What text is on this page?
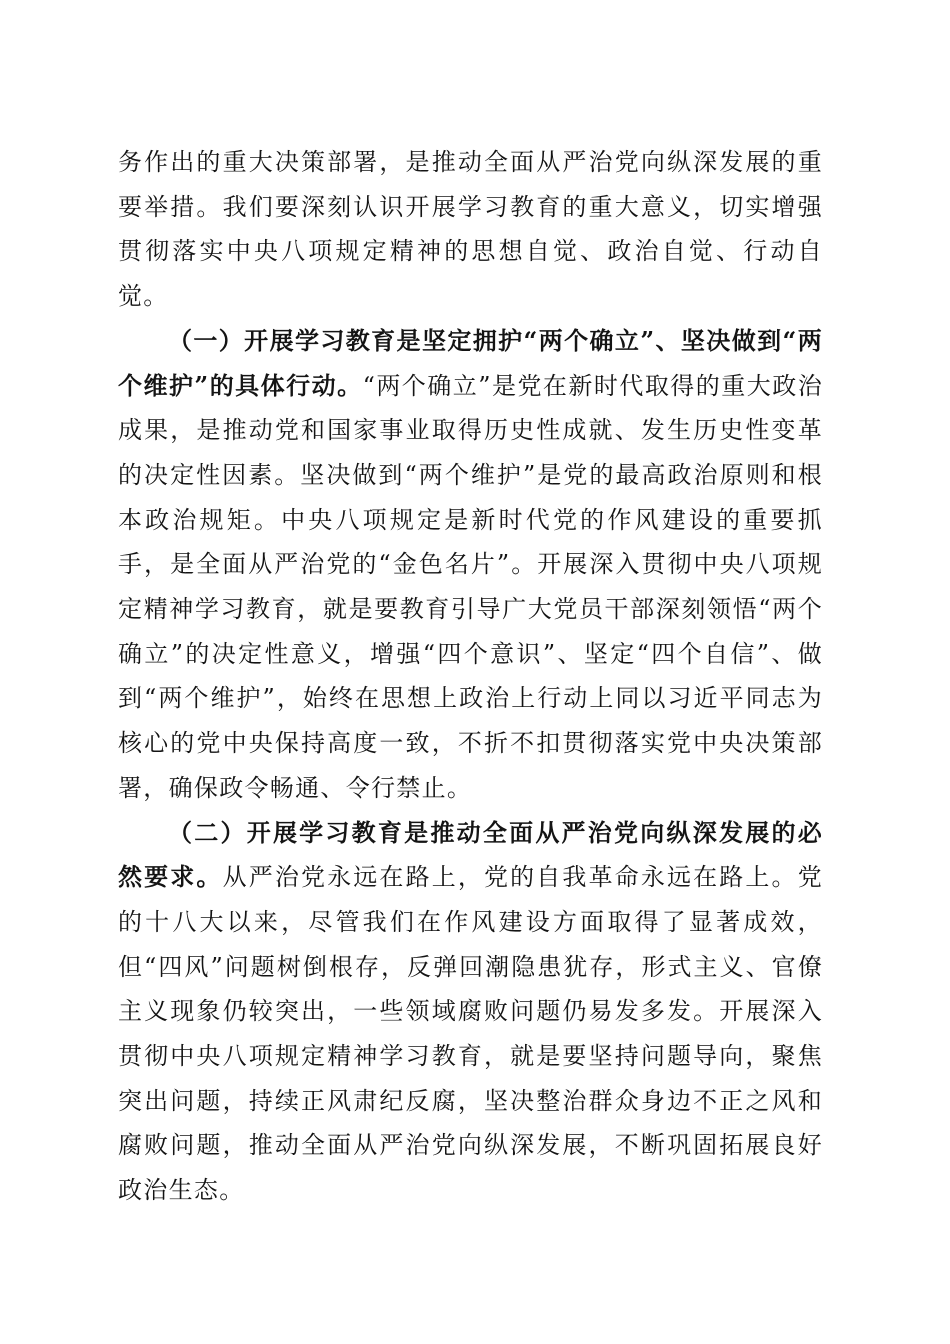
务作出的重大决策部署，是推动全面从严治党向纵深发展的重要举措。我们要深刻认识开展学习教育的重大意义，切实增强贯彻落实中央八项规定精神的思想自觉、政治自觉、行动自觉。

（一）开展学习教育是坚定拥护“两个确立”、坚决做到“两个维护”的具体行动。“两个确立”是党在新时代取得的重大政治成果，是推动党和国家事业取得历史性成就、发生历史性变革的决定性因素。坚决做到“两个维护”是党的最高政治原则和根本政治规矩。中央八项规定是新时代党的作风建设的重要抓手，是全面从严治党的“金色名片”。开展深入贯彻中央八项规定精神学习教育，就是要教育引导广大党员干部深刻领悟“两个确立”的决定性意义，增强“四个意识”、坚定“四个自信”、做到“两个维护”，始终在思想上政治上行动上同以习近平同志为核心的党中央保持高度一致，不折不扣贯彻落实党中央决策部署，确保政令畅通、令行禁止。

（二）开展学习教育是推动全面从严治党向纵深发展的必然要求。从严治党永远在路上，党的自我革命永远在路上。党的十八大以来，尽管我们在作风建设方面取得了显著成效，但“四风”问题树倒根存，反弹回潮隐患犹存，形式主义、官僚主义现象仍较突出，一些领域腐败问题仍易发多发。开展深入贯彻中央八项规定精神学习教育，就是要坚持问题导向，聚焦突出问题，持续正风肃纪反腐，坚决整治群众身边不正之风和腐败问题，推动全面从严治党向纵深发展，不断巩固拓展良好政治生态。
